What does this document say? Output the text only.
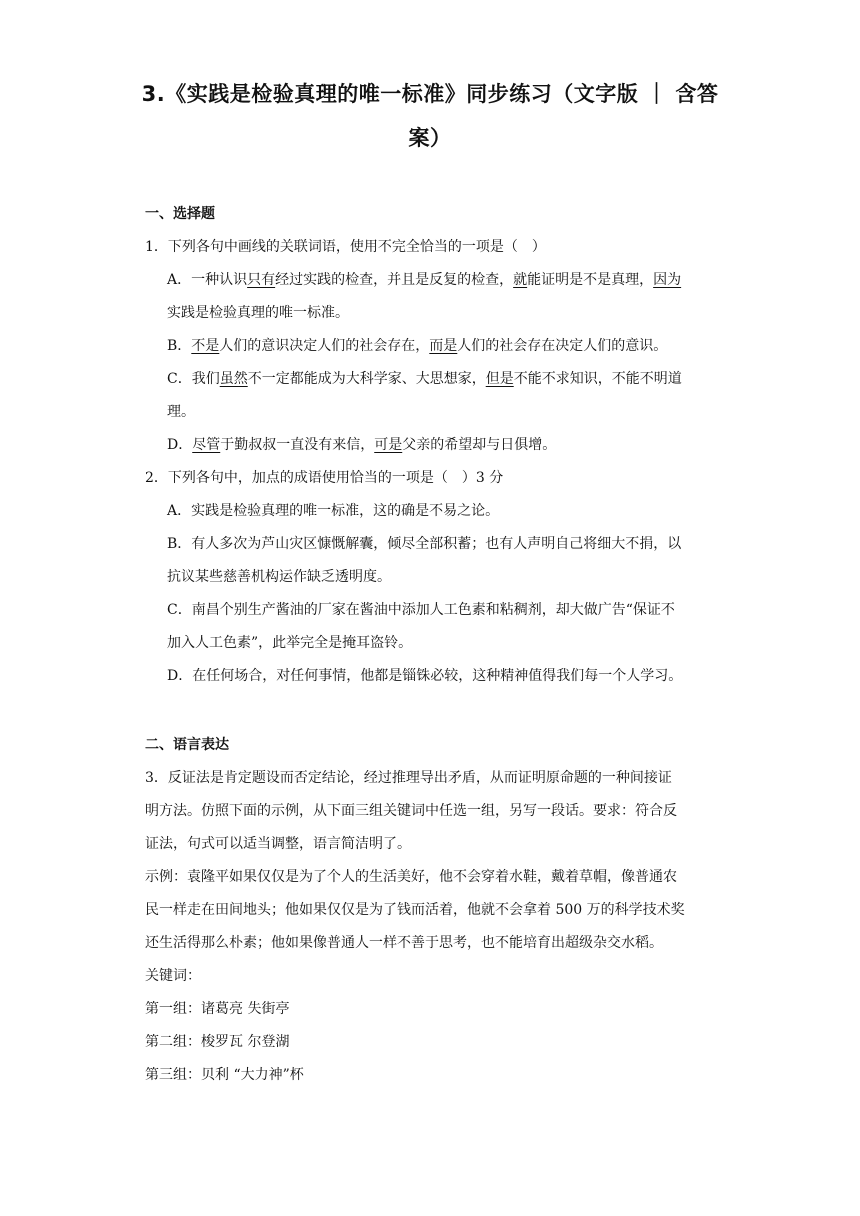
3.《实践是检验真理的唯一标准》同步练习（文字版 ｜ 含答
案）
一、选择题
1．下列各句中画线的关联词语，使用不完全恰当的一项是（　）
A．一种认识只有经过实践的检查，并且是反复的检查，就能证明是不是真理，因为
实践是检验真理的唯一标准。
B．不是人们的意识决定人们的社会存在，而是人们的社会存在决定人们的意识。
C．我们虽然不一定都能成为大科学家、大思想家，但是不能不求知识，不能不明道
理。
D．尽管于勤叔叔一直没有来信，可是父亲的希望却与日俱增。
2．下列各句中，加点的成语使用恰当的一项是（　）3 分
A．实践是检验真理的唯一标准，这的确是不易之论。
B．有人多次为芦山灾区慷慨解囊，倾尽全部积蓄；也有人声明自己将细大不捐，以
抗议某些慈善机构运作缺乏透明度。
C．南昌个别生产酱油的厂家在酱油中添加人工色素和粘稠剂，却大做广告“保证不
加入人工色素”，此举完全是掩耳盗铃。
D．在任何场合，对任何事情，他都是锱铢必较，这种精神值得我们每一个人学习。
二、语言表达
3．反证法是肯定题设而否定结论，经过推理导出矛盾，从而证明原命题的一种间接证
明方法。仿照下面的示例，从下面三组关键词中任选一组，另写一段话。要求：符合反
证法，句式可以适当调整，语言简洁明了。
示例：袁隆平如果仅仅是为了个人的生活美好，他不会穿着水鞋，戴着草帽，像普通农
民一样走在田间地头；他如果仅仅是为了钱而活着，他就不会拿着 500 万的科学技术奖
还生活得那么朴素；他如果像普通人一样不善于思考，也不能培育出超级杂交水稻。
关键词：
第一组：诸葛亮 失街亭
第二组：梭罗瓦 尔登湖
第三组：贝利 “大力神”杯
